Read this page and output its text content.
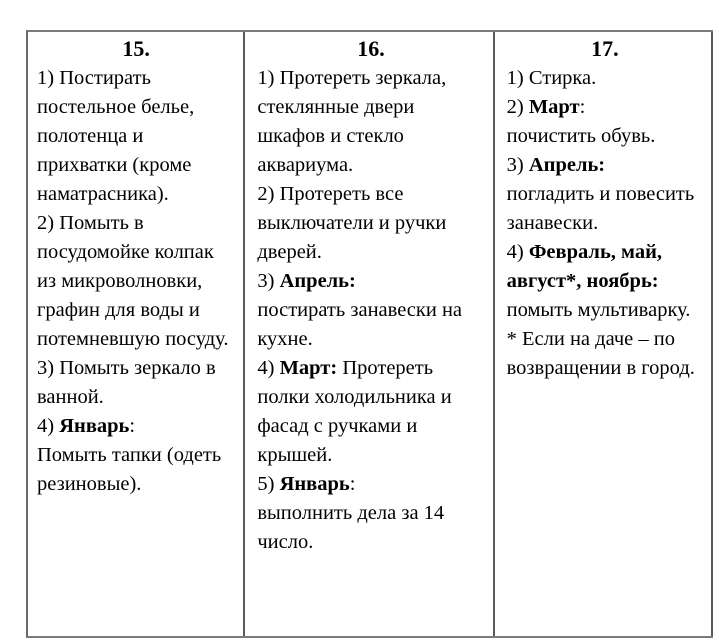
15.
1) Постирать постельное белье, полотенца и прихватки (кроме наматрасника).
2) Помыть в посудомойке колпак из микроволновки, графин для воды и потемневшую посуду.
3) Помыть зеркало в ванной.
4) Январь:
Помыть тапки (одеть резиновые).
16.
1) Протереть зеркала, стеклянные двери шкафов и стекло аквариума.
2) Протереть все выключатели и ручки дверей.
3) Апрель:
постирать занавески на кухне.
4) Март: Протереть полки холодильника и фасад с ручками и крышей.
5) Январь:
выполнить дела за 14 число.
17.
1) Стирка.
2) Март:
почистить обувь.
3) Апрель:
погладить и повесить занавески.
4) Февраль, май, август*, ноябрь:
помыть мультиварку.
* Если на даче – по возвращении в город.
